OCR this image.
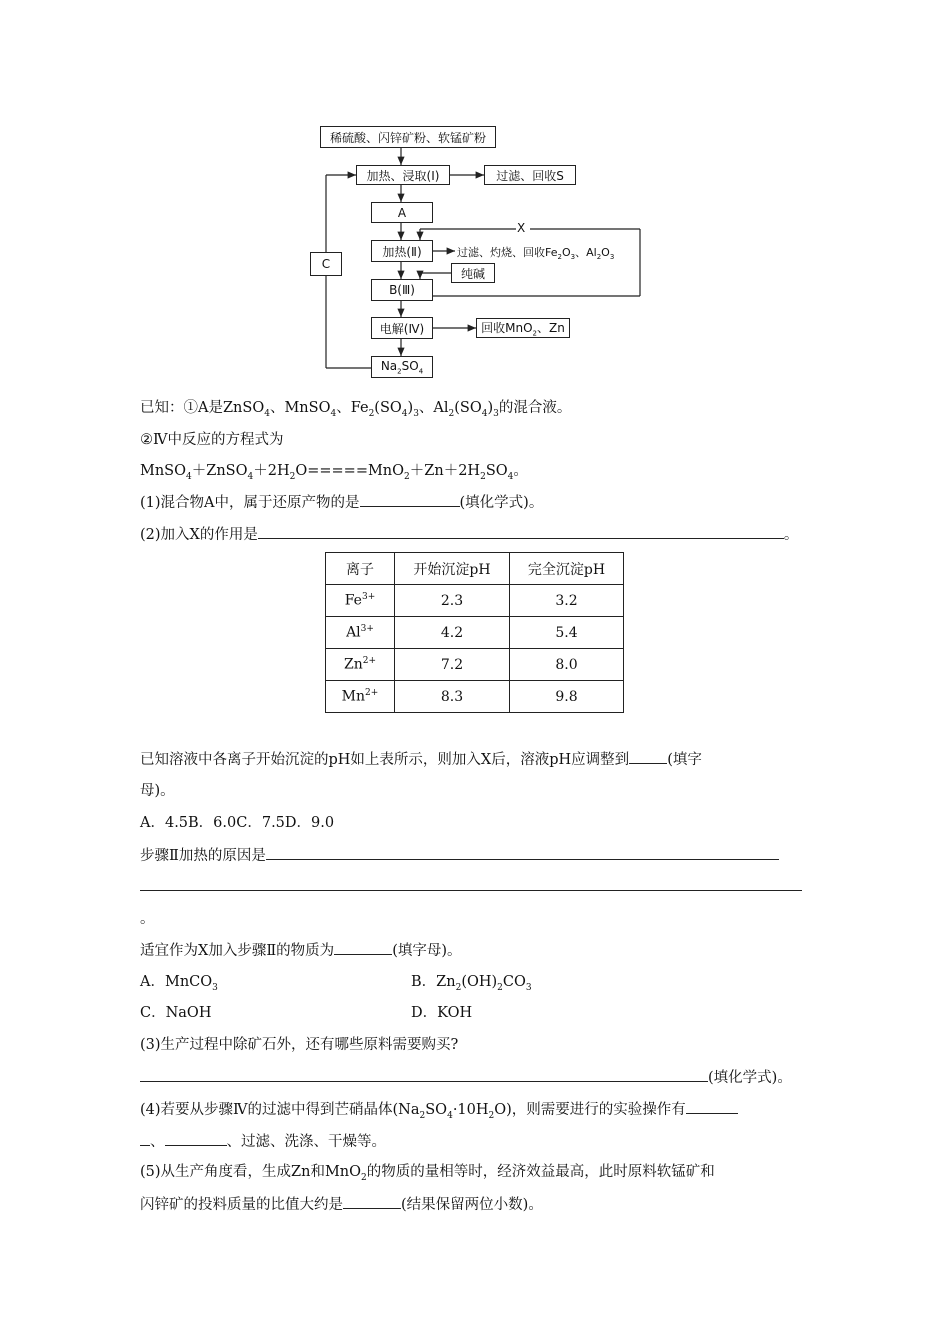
稀硫酸、闪锌矿粉、软锰矿粉
加热、浸取(Ⅰ)	过滤、回收S
A
加热(Ⅱ)	过滤、灼烧、回收$Fe_2O_3$、$Al_2O_3$
X
纯碱
B(Ⅲ)
电解(Ⅳ)	回收MnO$_2$、Zn
$Na_2SO_4$
C
已知：①A是ZnSO$_4$、MnSO$_4$、$Fe_2(SO_4)_3$、$Al_2(SO_4)_3$的混合液。
②Ⅳ中反应的方程式为
$MnSO_4+ZnSO_4+2H_2O=====MnO_2+Zn+2H_2SO_4$。
(1)混合物A中，属于还原产物的是	(填化学式)。
(2)加入X的作用是	。
离子	开始沉淀pH	完全沉淀pH
$Fe^{3+}$	2.3	3.2
$Al^{3+}$	4.2	5.4
$Zn^{2+}$	7.2	8.0
$Mn^{2+}$	8.3	9.8
已知溶液中各离子开始沉淀的pH如上表所示，则加入X后，溶液pH应调整到	(填字
母)。
A．4.5B．6.0C．7.5D．9.0
步骤Ⅱ加热的原因是
。
适宜作为X加入步骤Ⅱ的物质为	(填字母)。
A．MnCO$_3$	B．$Zn_2(OH)_2CO_3$
C．NaOH	D．KOH
(3)生产过程中除矿石外，还有哪些原料需要购买?
(填化学式)。
(4)若要从步骤Ⅳ的过滤中得到芒硝晶体$(Na_2SO_4\cdot 10H_2O)$，则需要进行的实验操作有
、	、过滤、洗涤、干燥等。
(5)从生产角度看，生成Zn和MnO$_2$的物质的量相等时，经济效益最高，此时原料软锰矿和
闪锌矿的投料质量的比值大约是	(结果保留两位小数)。
